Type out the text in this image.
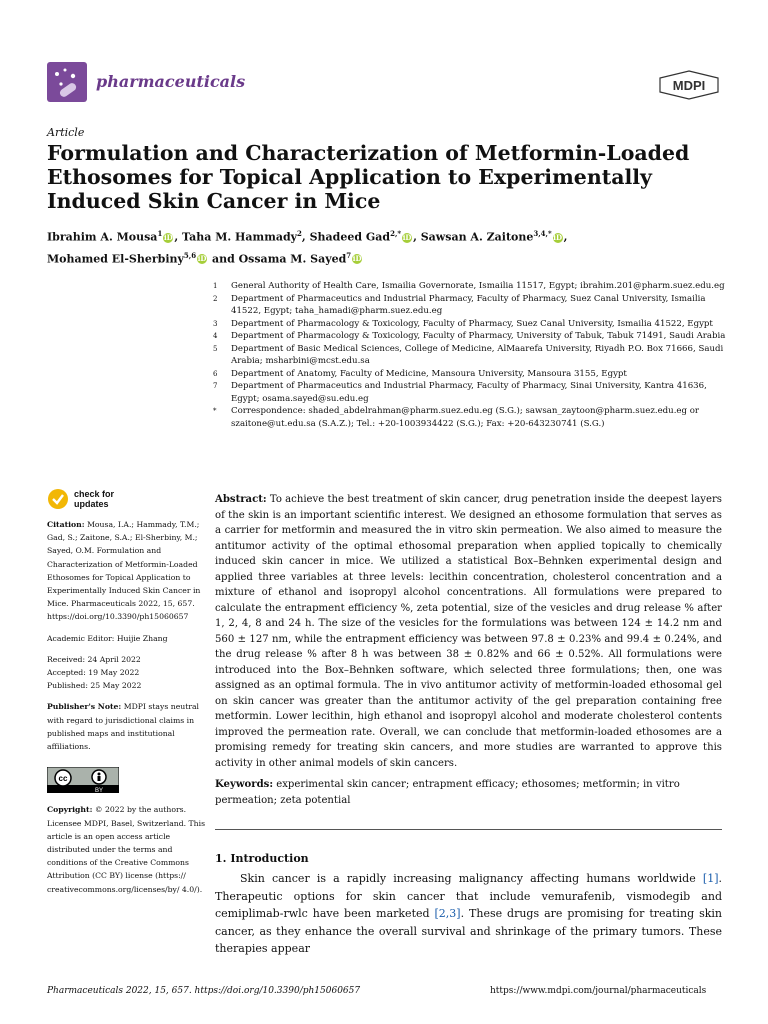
pharmaceuticals	MDPI
Article
Formulation and Characterization of Metformin-Loaded Ethosomes for Topical Application to Experimentally Induced Skin Cancer in Mice
Ibrahim A. Mousa$^1$ iD , Taha M. Hammady$^2$, Shadeed Gad$^{2,*}$ iD , Sawsan A. Zaitone$^{3,4,*}$ iD ,
Mohamed El-Sherbiny$^{5,6}$ iD and Ossama M. Sayed$^7$ iD
1	General Authority of Health Care, Ismailia Governorate, Ismailia 11517, Egypt; ibrahim.201@pharm.suez.edu.eg
2	Department of Pharmaceutics and Industrial Pharmacy, Faculty of Pharmacy, Suez Canal University, Ismailia 41522, Egypt; taha_hamadi@pharm.suez.edu.eg
3	Department of Pharmacology & Toxicology, Faculty of Pharmacy, Suez Canal University, Ismailia 41522, Egypt
4	Department of Pharmacology & Toxicology, Faculty of Pharmacy, University of Tabuk, Tabuk 71491, Saudi Arabia
5	Department of Basic Medical Sciences, College of Medicine, AlMaarefa University, Riyadh P.O. Box 71666, Saudi Arabia; msharbini@mcst.edu.sa
6	Department of Anatomy, Faculty of Medicine, Mansoura University, Mansoura 3155, Egypt
7	Department of Pharmaceutics and Industrial Pharmacy, Faculty of Pharmacy, Sinai University, Kantra 41636, Egypt; osama.sayed@su.edu.eg
*	Correspondence: shaded_abdelrahman@pharm.suez.edu.eg (S.G.); sawsan_zaytoon@pharm.suez.edu.eg or szaitone@ut.edu.sa (S.A.Z.); Tel.: +20-1003934422 (S.G.); Fax: +20-643230741 (S.G.)
check for
updates

Citation: Mousa, I.A.; Hammady, T.M.; Gad, S.; Zaitone, S.A.; El-Sherbiny, M.; Sayed, O.M. Formulation and Characterization of Metformin-Loaded Ethosomes for Topical Application to Experimentally Induced Skin Cancer in Mice. Pharmaceuticals 2022, 15, 657. https://doi.org/10.3390/ph15060657

Academic Editor: Huijie Zhang

Received: 24 April 2022
Accepted: 19 May 2022
Published: 25 May 2022

Publisher's Note: MDPI stays neutral with regard to jurisdictional claims in published maps and institutional affiliations.

cc
BY

Copyright: © 2022 by the authors. Licensee MDPI, Basel, Switzerland. This article is an open access article distributed under the terms and conditions of the Creative Commons Attribution (CC BY) license (https:// creativecommons.org/licenses/by/ 4.0/).

Abstract: To achieve the best treatment of skin cancer, drug penetration inside the deepest layers of the skin is an important scientific interest. We designed an ethosome formulation that serves as a carrier for metformin and measured the in vitro skin permeation. We also aimed to measure the antitumor activity of the optimal ethosomal preparation when applied topically to chemically induced skin cancer in mice. We utilized a statistical Box–Behnken experimental design and applied three variables at three levels: lecithin concentration, cholesterol concentration and a mixture of ethanol and isopropyl alcohol concentrations. All formulations were prepared to calculate the entrapment efficiency %, zeta potential, size of the vesicles and drug release % after 1, 2, 4, 8 and 24 h. The size of the vesicles for the formulations was between 124 ± 14.2 nm and 560 ± 127 nm, while the entrapment efficiency was between 97.8 ± 0.23% and 99.4 ± 0.24%, and the drug release % after 8 h was between 38 ± 0.82% and 66 ± 0.52%. All formulations were introduced into the Box–Behnken software, which selected three formulations; then, one was assigned as an optimal formula. The in vivo antitumor activity of metformin-loaded ethosomal gel on skin cancer was greater than the antitumor activity of the gel preparation containing free metformin. Lower lecithin, high ethanol and isopropyl alcohol and moderate cholesterol contents improved the permeation rate. Overall, we can conclude that metformin-loaded ethosomes are a promising remedy for treating skin cancers, and more studies are warranted to approve this activity in other animal models of skin cancers.
Keywords: experimental skin cancer; entrapment efficacy; ethosomes; metformin; in vitro permeation; zeta potential
1. Introduction
Skin cancer is a rapidly increasing malignancy affecting humans worldwide [1]. Therapeutic options for skin cancer that include vemurafenib, vismodegib and cemiplimab-rwlc have been marketed [2,3]. These drugs are promising for treating skin cancer, as they enhance the overall survival and shrinkage of the primary tumors. These therapies appear
Pharmaceuticals 2022, 15, 657. https://doi.org/10.3390/ph15060657	https://www.mdpi.com/journal/pharmaceuticals
